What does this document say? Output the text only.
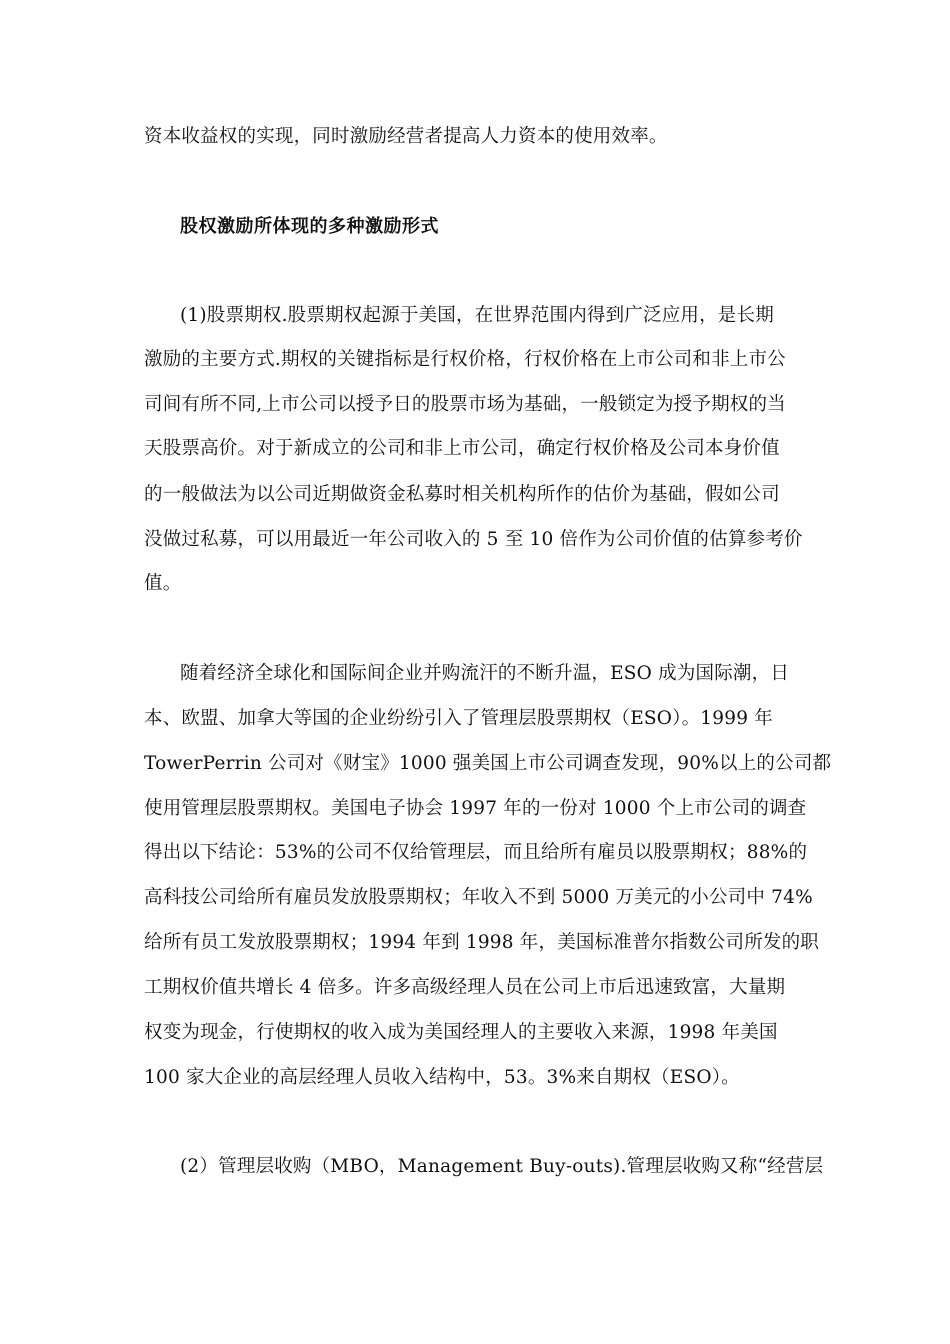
资本收益权的实现，同时激励经营者提高人力资本的使用效率。
股权激励所体现的多种激励形式
(1)股票期权.股票期权起源于美国，在世界范围内得到广泛应用，是长期
激励的主要方式.期权的关键指标是行权价格，行权价格在上市公司和非上市公
司间有所不同,上市公司以授予日的股票市场为基础，一般锁定为授予期权的当
天股票高价。对于新成立的公司和非上市公司，确定行权价格及公司本身价值
的一般做法为以公司近期做资金私募时相关机构所作的估价为基础，假如公司
没做过私募，可以用最近一年公司收入的 5 至 10 倍作为公司价值的估算参考价
值。
随着经济全球化和国际间企业并购流汗的不断升温，ESO 成为国际潮，日
本、欧盟、加拿大等国的企业纷纷引入了管理层股票期权（ESO）。1999 年
TowerPerrin 公司对《财宝》1000 强美国上市公司调查发现，90%以上的公司都
使用管理层股票期权。美国电子协会 1997 年的一份对 1000 个上市公司的调查
得出以下结论：53%的公司不仅给管理层，而且给所有雇员以股票期权；88%的
高科技公司给所有雇员发放股票期权；年收入不到 5000 万美元的小公司中 74%
给所有员工发放股票期权；1994 年到 1998 年，美国标准普尔指数公司所发的职
工期权价值共增长 4 倍多。许多高级经理人员在公司上市后迅速致富，大量期
权变为现金，行使期权的收入成为美国经理人的主要收入来源，1998 年美国
100 家大企业的高层经理人员收入结构中，53。3%来自期权（ESO）。
(2）管理层收购（MBO，Management Buy-outs).管理层收购又称“经营层
